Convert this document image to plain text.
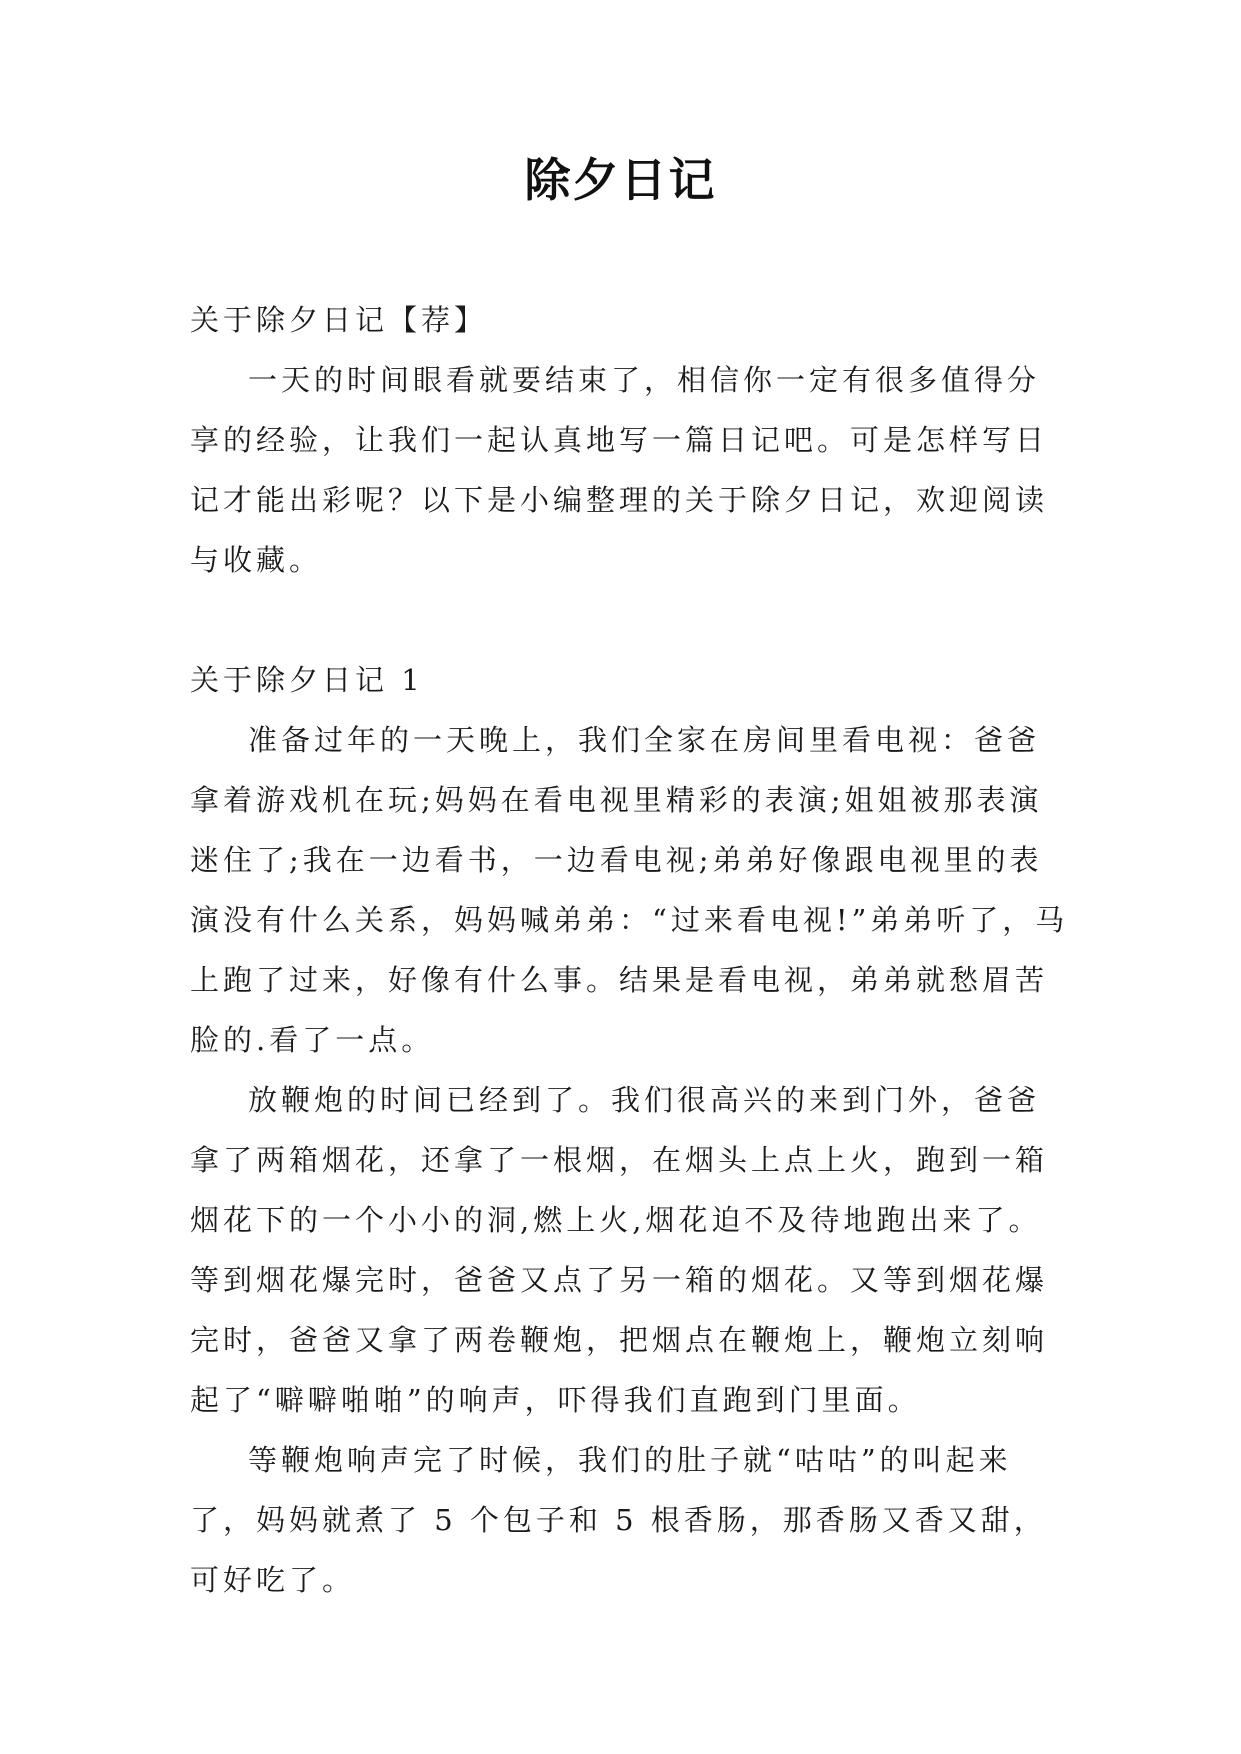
除夕日记

关于除夕日记【荐】

一天的时间眼看就要结束了，相信你一定有很多值得分享的经验，让我们一起认真地写一篇日记吧。可是怎样写日记才能出彩呢？以下是小编整理的关于除夕日记，欢迎阅读与收藏。

关于除夕日记 1

准备过年的一天晚上，我们全家在房间里看电视：爸爸拿着游戏机在玩;妈妈在看电视里精彩的表演;姐姐被那表演迷住了;我在一边看书，一边看电视;弟弟好像跟电视里的表演没有什么关系，妈妈喊弟弟：“过来看电视!”弟弟听了，马上跑了过来，好像有什么事。结果是看电视，弟弟就愁眉苦脸的.看了一点。

放鞭炮的时间已经到了。我们很高兴的来到门外，爸爸拿了两箱烟花，还拿了一根烟，在烟头上点上火，跑到一箱烟花下的一个小小的洞,燃上火,烟花迫不及待地跑出来了。等到烟花爆完时，爸爸又点了另一箱的烟花。又等到烟花爆完时，爸爸又拿了两卷鞭炮，把烟点在鞭炮上，鞭炮立刻响起了“噼噼啪啪”的响声，吓得我们直跑到门里面。

等鞭炮响声完了时候，我们的肚子就“咕咕”的叫起来了，妈妈就煮了 5 个包子和 5 根香肠，那香肠又香又甜，可好吃了。
